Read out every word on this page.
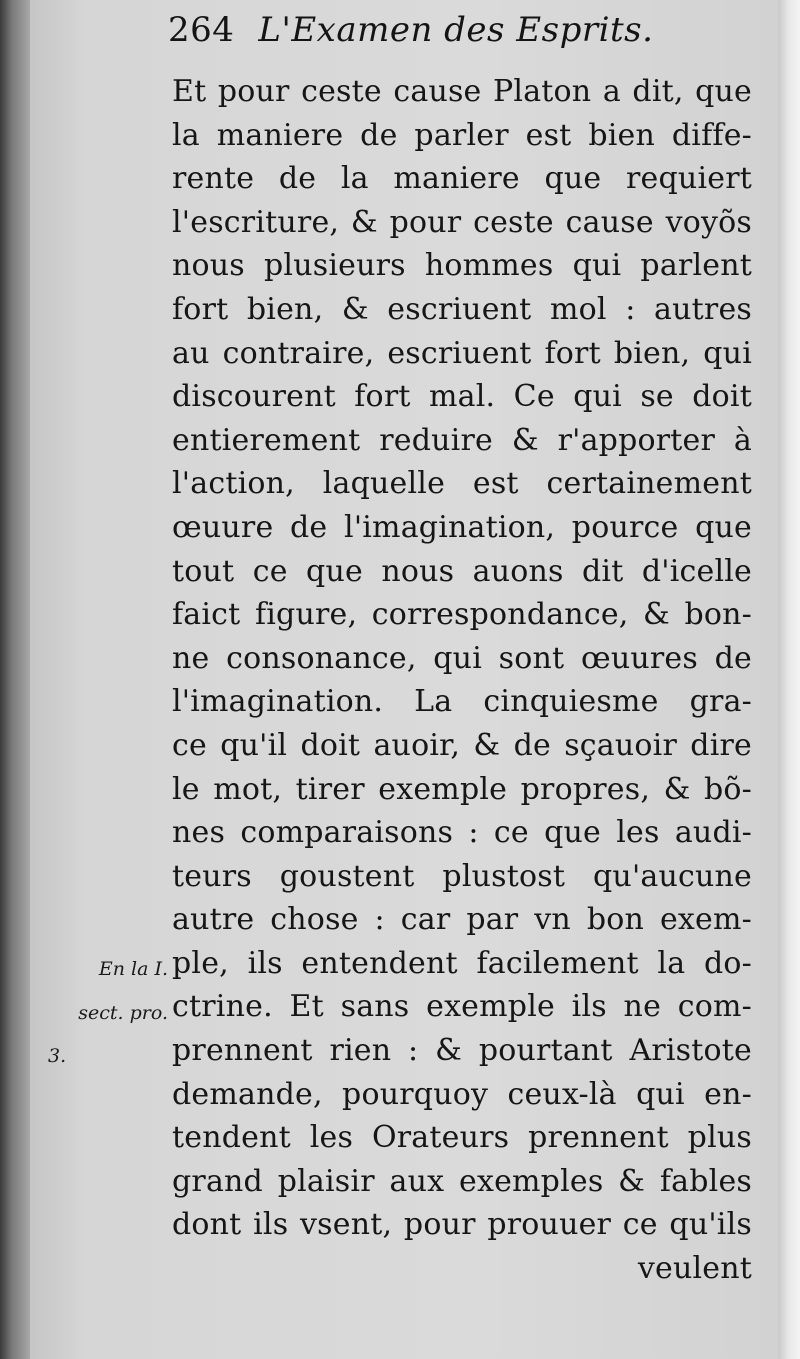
264 L'Examen des Esprits.
Et pour ceste cause Platon a dit, que
la maniere de parler est bien diffe-
rente de la maniere que requiert
l'escriture, & pour ceste cause voyõs
nous plusieurs hommes qui parlent
fort bien, & escriuent mol : autres
au contraire, escriuent fort bien, qui
discourent fort mal. Ce qui se doit
entierement reduire & r'apporter à
l'action, laquelle est certainement
œuure de l'imagination, pource que
tout ce que nous auons dit d'icelle
faict figure, correspondance, & bon-
ne consonance, qui sont œuures de
l'imagination. La cinquiesme gra-
ce qu'il doit auoir, & de sçauoir dire
le mot, tirer exemple propres, & bõ-
nes comparaisons : ce que les audi-
teurs goustent plustost qu'aucune
autre chose : car par vn bon exem-
ple, ils entendent facilement la do-
ctrine. Et sans exemple ils ne com-
prennent rien : & pourtant Aristote
demande, pourquoy ceux-là qui en-
tendent les Orateurs prennent plus
grand plaisir aux exemples & fables
dont ils vsent, pour prouuer ce qu'ils
veulent
En la I.
sect. pro.
3.
